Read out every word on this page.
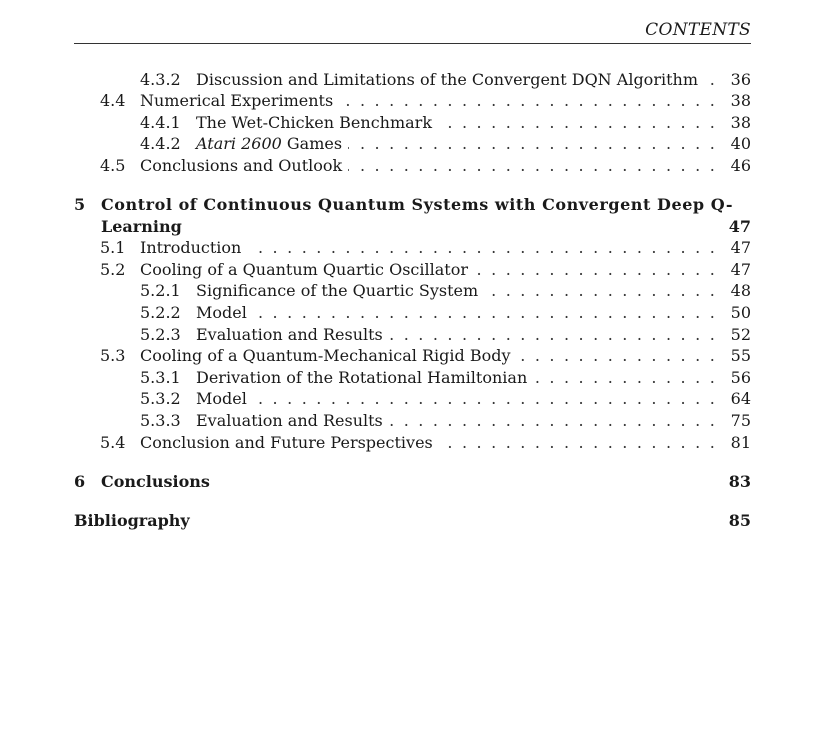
CONTENTS
4.3.2 Discussion and Limitations of the Convergent DQN Algorithm . . .	36
4.4 Numerical Experiments . . .	38
4.4.1 The Wet-Chicken Benchmark . . .	38
4.4.2 Atari 2600 Games . . .	40
4.5 Conclusions and Outlook . . .	46
5 Control of Continuous Quantum Systems with Convergent Deep Q-
Learning	47
5.1 Introduction . . .	47
5.2 Cooling of a Quantum Quartic Oscillator . . .	47
5.2.1 Significance of the Quartic System . . .	48
5.2.2 Model . . .	50
5.2.3 Evaluation and Results . . .	52
5.3 Cooling of a Quantum-Mechanical Rigid Body . . .	55
5.3.1 Derivation of the Rotational Hamiltonian . . .	56
5.3.2 Model . . .	64
5.3.3 Evaluation and Results . . .	75
5.4 Conclusion and Future Perspectives . . .	81
6 Conclusions	83
Bibliography	85
